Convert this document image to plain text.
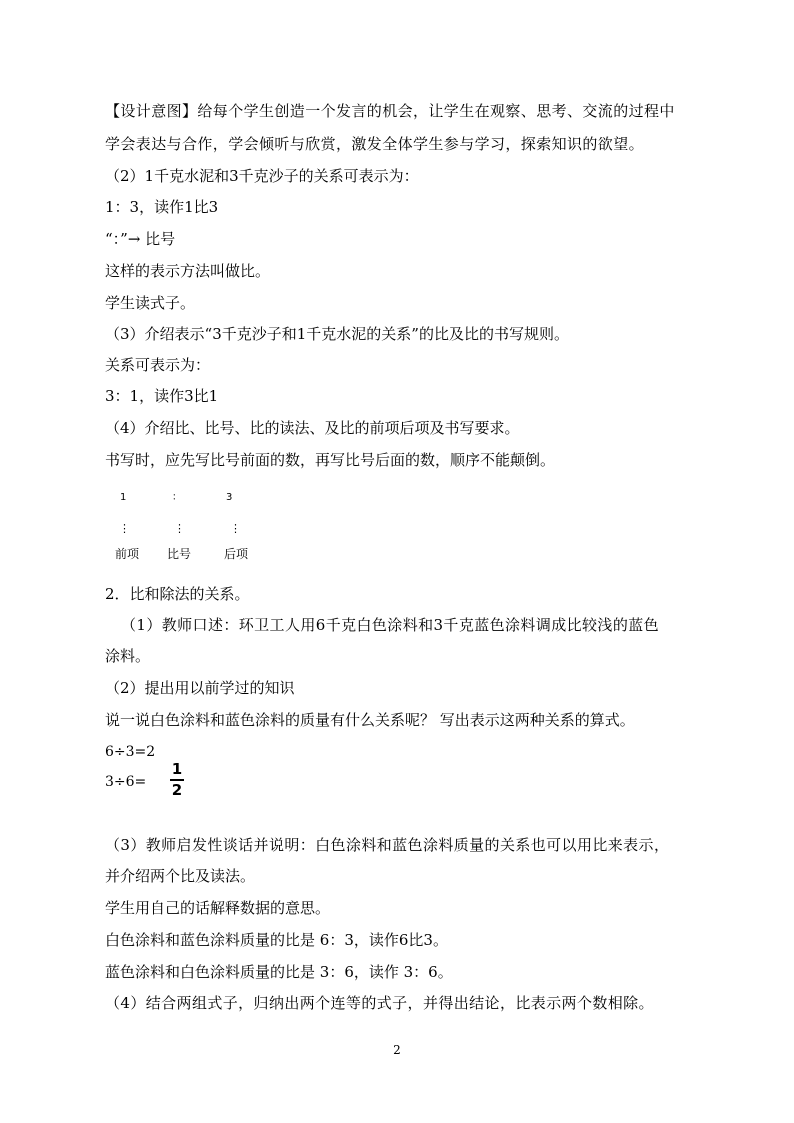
【设计意图】给每个学生创造一个发言的机会，让学生在观察、思考、交流的过程中

学会表达与合作，学会倾听与欣赏，激发全体学生参与学习，探索知识的欲望。

（2）1千克水泥和3千克沙子的关系可表示为：

1：3，读作1比3

“：”→ 比号

这样的表示方法叫做比。

学生读式子。

（3）介绍表示“3千克沙子和1千克水泥的关系”的比及比的书写规则。

关系可表示为：

3：1，读作3比1

（4）介绍比、比号、比的读法、及比的前项后项及书写要求。

书写时，应先写比号前面的数，再写比号后面的数，顺序不能颠倒。

1	：	3
⋮	⋮	⋮
前项 比号	后项

2．比和除法的关系。

（1）教师口述：环卫工人用6千克白色涂料和3千克蓝色涂料调成比较浅的蓝色

涂料。

（2）提出用以前学过的知识

说一说白色涂料和蓝色涂料的质量有什么关系呢？ 写出表示这两种关系的算式。

6÷3=2

3÷6=

1
2

（3）教师启发性谈话并说明：白色涂料和蓝色涂料质量的关系也可以用比来表示，

并介绍两个比及读法。

学生用自己的话解释数据的意思。

白色涂料和蓝色涂料质量的比是 6：3，读作6比3。

蓝色涂料和白色涂料质量的比是 3：6，读作 3：6。

（4）结合两组式子，归纳出两个连等的式子，并得出结论，比表示两个数相除。

2
